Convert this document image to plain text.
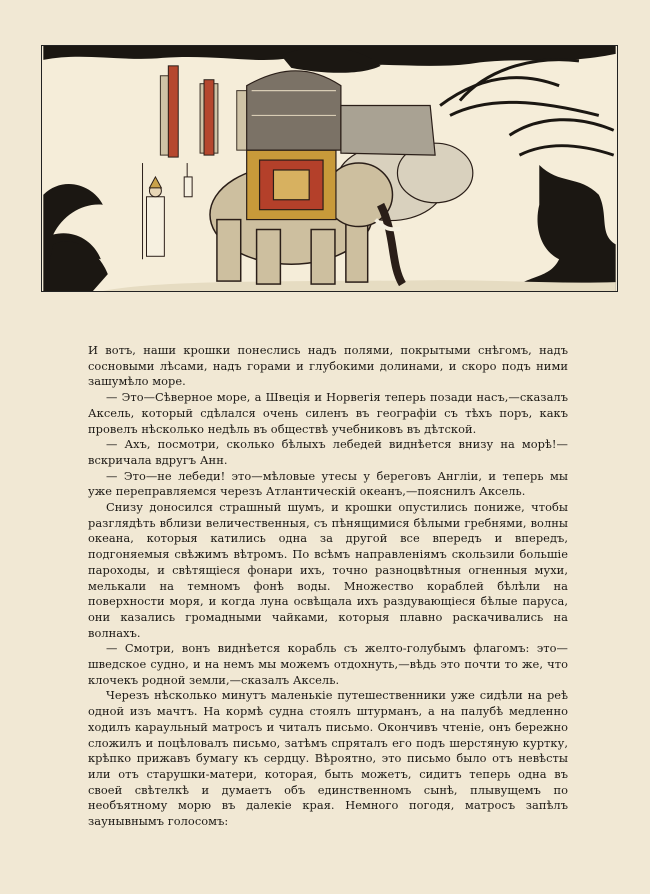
И вотъ, наши крошки понеслись надъ полями, покрытыми снѣгомъ, надъ сосновыми лѣсами, надъ горами и глубокими долинами, и скоро подъ ними зашумѣло море.

— Это—Сѣверное море, а Швеція и Норвегія теперь позади насъ,—сказалъ Аксель, который сдѣлался очень силенъ въ географіи съ тѣхъ поръ, какъ провелъ нѣсколько недѣль въ обществѣ учебниковъ въ дѣтской.

— Ахъ, посмотри, сколько бѣлыхъ лебедей виднѣется внизу на морѣ!— вскричала вдругъ Анн.

— Это—не лебеди! это—мѣловые утесы у береговъ Англіи, и теперь мы уже переправляемся черезъ Атлантическій океанъ,—пояснилъ Аксель.

Снизу доносился страшный шумъ, и крошки опустились пониже, чтобы разглядѣть вблизи величественныя, съ пѣнящимися бѣлыми гребнями, волны океана, которыя катились одна за другой все впередъ и впередъ, подгоняемыя свѣжимъ вѣтромъ. По всѣмъ направленіямъ скользили большіе пароходы, и свѣтящіеся фонари ихъ, точно разноцвѣтныя огненныя мухи, мелькали на темномъ фонѣ воды. Множество кораблей бѣлѣли на поверхности моря, и когда луна освѣщала ихъ раздувающіеся бѣлые паруса, они казались громадными чайками, которыя плавно раскачивались на волнахъ.

— Смотри, вонъ виднѣется корабль съ желто-голубымъ флагомъ: это—шведское судно, и на немъ мы можемъ отдохнуть,—вѣдь это почти то же, что клочекъ родной земли,—сказалъ Аксель.

Черезъ нѣсколько минутъ маленькіе путешественники уже сидѣли на реѣ одной изъ мачтъ. На кормѣ судна стоялъ штурманъ, а на палубѣ медленно ходилъ караульный матросъ и читалъ письмо. Окончивъ чтеніе, онъ бережно сложилъ и поцѣловалъ письмо, затѣмъ спряталъ его подъ шерстяную куртку, крѣпко прижавъ бумагу къ сердцу. Вѣроятно, это письмо было отъ невѣсты или отъ старушки-матери, которая, быть можетъ, сидитъ теперь одна въ своей свѣтелкѣ и думаетъ объ единственномъ сынѣ, плывущемъ по необъятному морю въ далекіе края. Немного погодя, матросъ запѣлъ заунывнымъ голосомъ:
